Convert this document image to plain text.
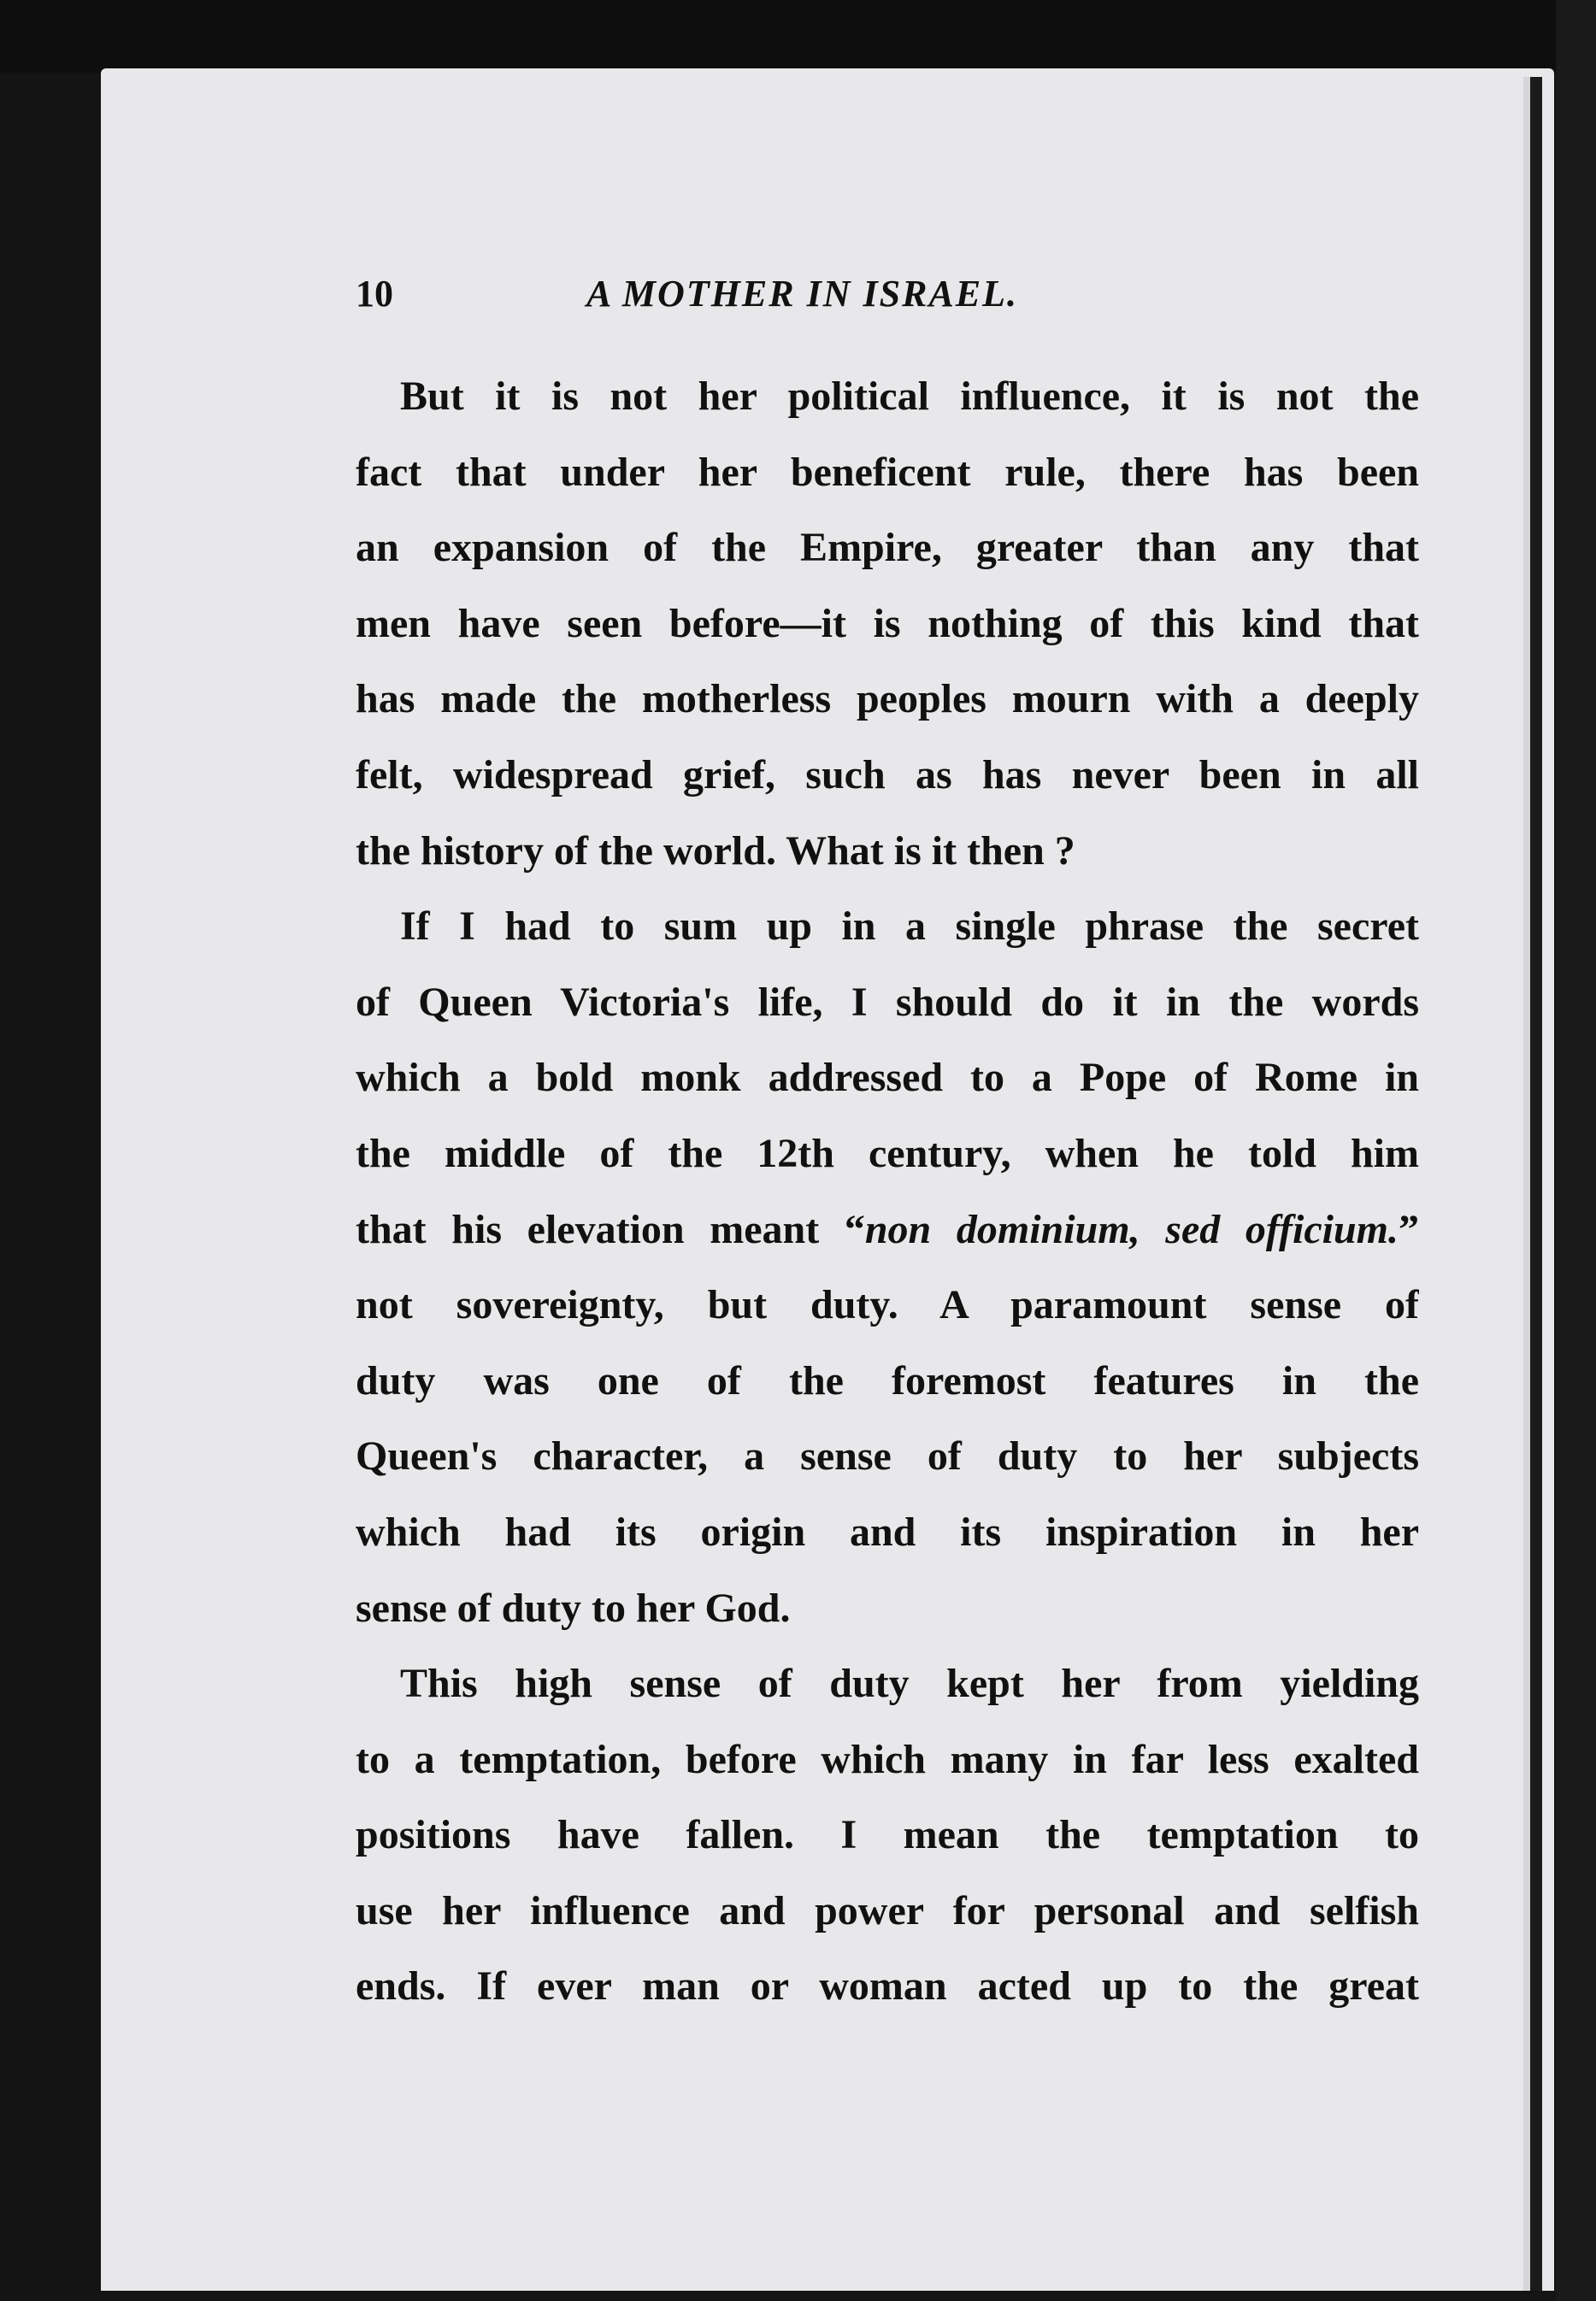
10	A MOTHER IN ISRAEL.
But it is not her political influence, it is not the
fact that under her beneficent rule, there has been
an expansion of the Empire, greater than any that
men have seen before—it is nothing of this kind that
has made the motherless peoples mourn with a deeply
felt, widespread grief, such as has never been in all
the history of the world. What is it then ?
If I had to sum up in a single phrase the secret
of Queen Victoria's life, I should do it in the words
which a bold monk addressed to a Pope of Rome in
the middle of the 12th century, when he told him
that his elevation meant “non dominium, sed officium.”
not sovereignty, but duty. A paramount sense of
duty was one of the foremost features in the
Queen's character, a sense of duty to her subjects
which had its origin and its inspiration in her
sense of duty to her God.
This high sense of duty kept her from yielding
to a temptation, before which many in far less exalted
positions have fallen. I mean the temptation to
use her influence and power for personal and selfish
ends. If ever man or woman acted up to the great
